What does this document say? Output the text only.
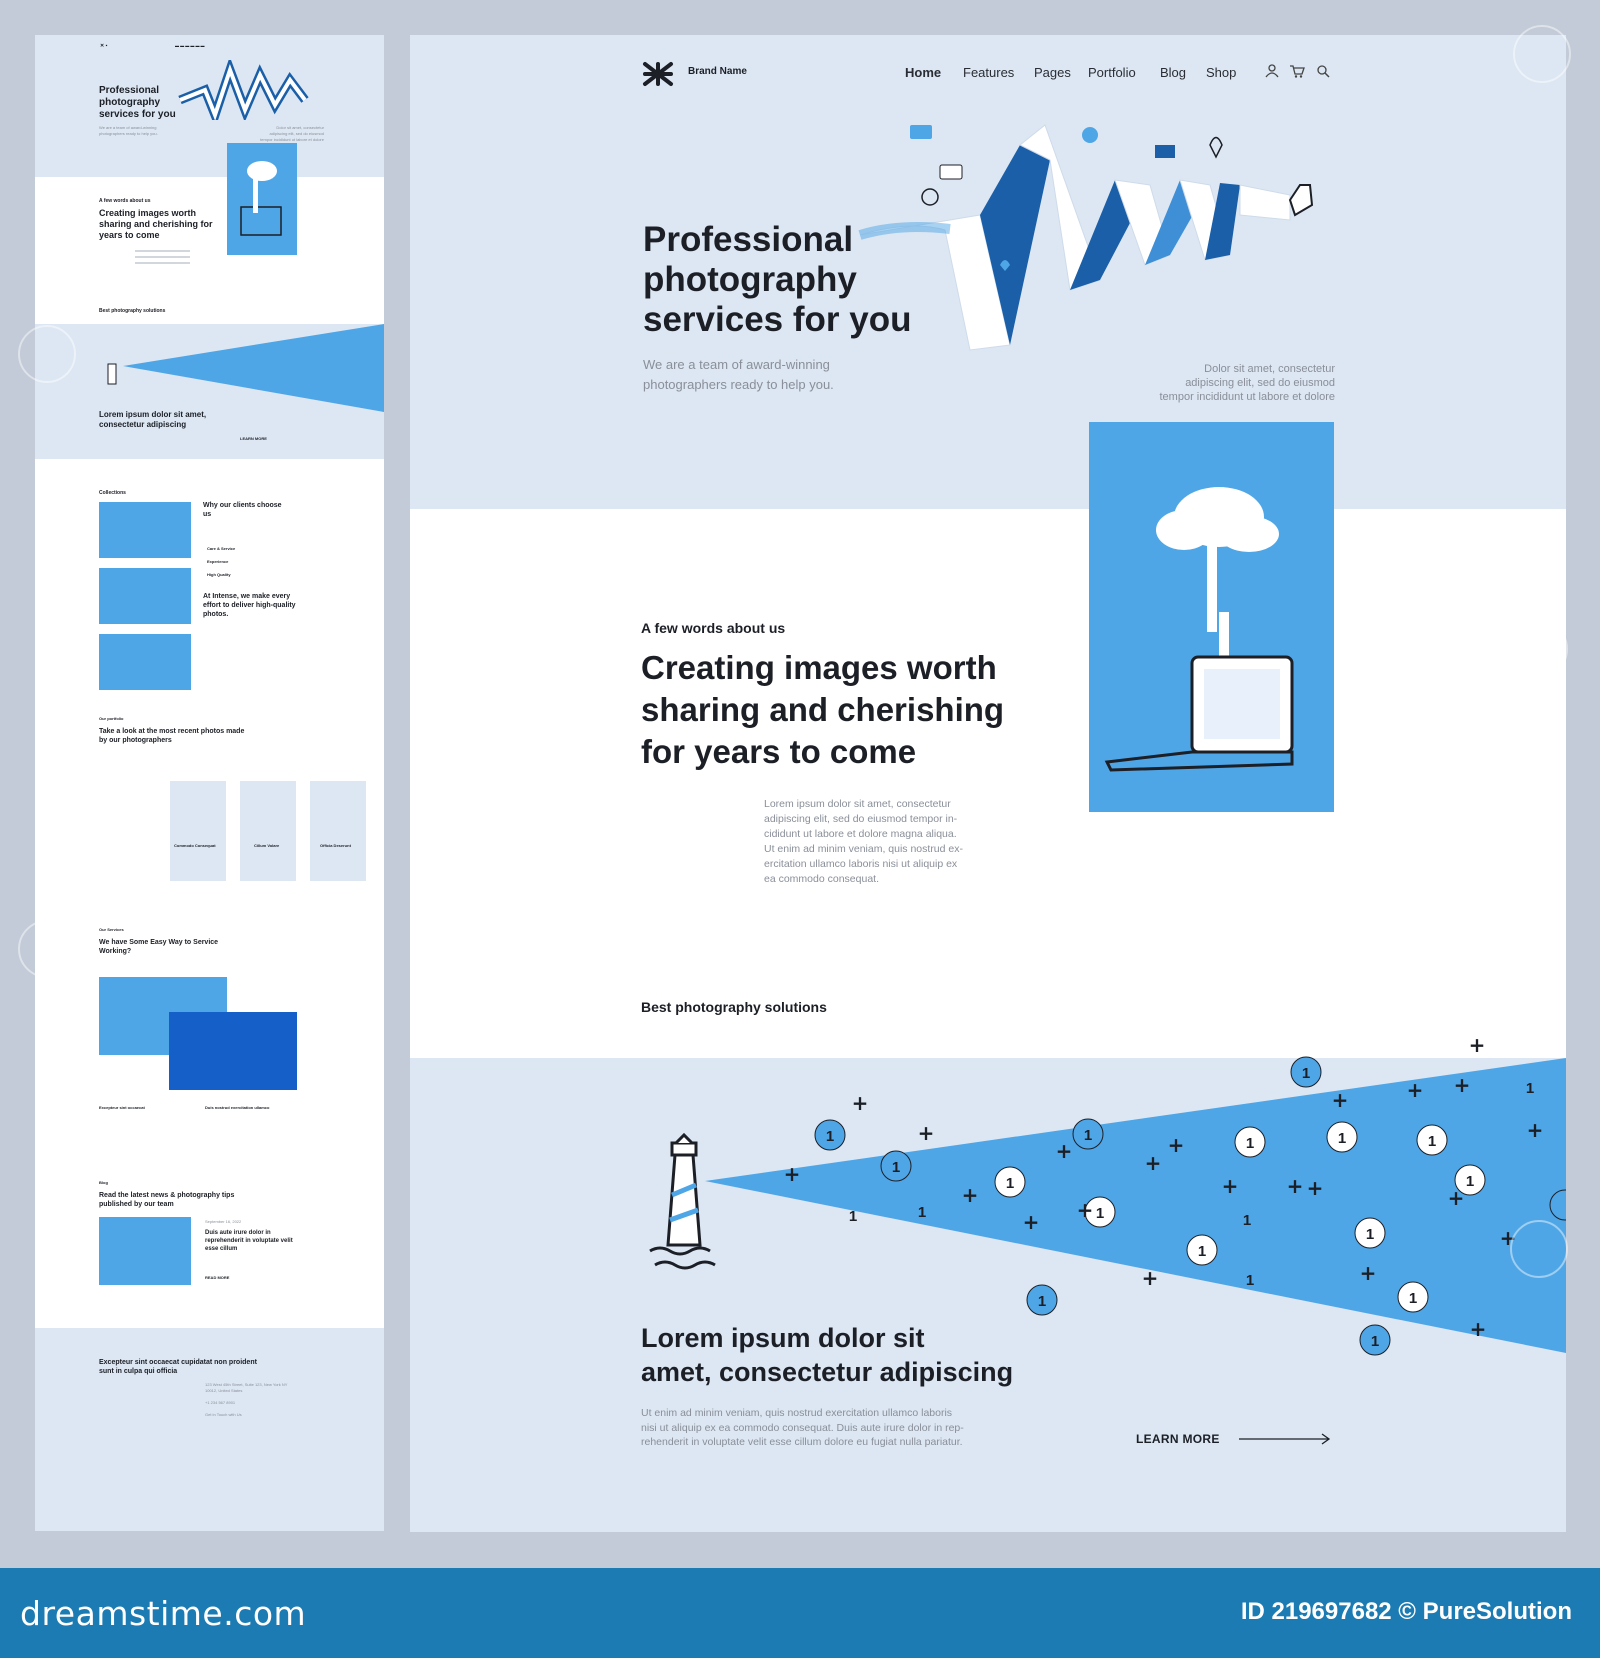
✕ ▪	▬ ▬ ▬ ▬ ▬ ▬
Professional photography services for you
We are a team of award-winning photographers ready to help you.
Dolor sit amet, consectetur adipiscing elit, sed do eiusmod tempor incididunt ut labore et dolore
A few words about us
Creating images worth sharing and cherishing for years to come
Best photography solutions
Lorem ipsum dolor sit amet, consectetur adipiscing
LEARN MORE
Collections
Why our clients choose us
Care & Service
Experience
High Quality
At Intense, we make every effort to deliver high-quality photos.
Our portfolio
Take a look at the most recent photos made by our photographers
Commodo Consequat	Cillum Volare	Officia Deserunt
Our Services
We have Some Easy Way to Service Working?
Excepteur sint occaecat	Duis nostrud exercitation ullamco
Blog
Read the latest news & photography tips published by our team
September 16, 2022
Duis aute irure dolor in reprehenderit in voluptate velit esse cillum
READ MORE
Excepteur sint occaecat cupidatat non proident sunt in culpa qui officia
123 West 45th Street, Suite 123, New York NY 10012, United States
+1 234 567 8901
Get in Touch with Us
Brand Name	Home Features Pages Portfolio Blog Shop
Professional
photography
services for you
We are a team of award-winning
photographers ready to help you.
Dolor sit amet, consectetur
adipiscing elit, sed do eiusmod
tempor incididunt ut labore et dolore
A few words about us
Creating images worth
sharing and cherishing
for years to come
Lorem ipsum dolor sit amet, consectetur
adipiscing elit, sed do eiusmod tempor in-
cididunt ut labore et dolore magna aliqua.
Ut enim ad minim veniam, quis nostrud ex-
ercitation ullamco laboris nisi ut aliquip ex
ea commodo consequat.
Best photography solutions
1
1	1	1
1
1
1
1
1
1
1
1
1
1
1
1
1
1	1	1
+
+
+
+
+	+
+	+ +
+
+
+
+
+
+
+	+
+
+
+
+
+
Lorem ipsum dolor sit
amet, consectetur adipiscing
Ut enim ad minim veniam, quis nostrud exercitation ullamco laboris
nisi ut aliquip ex ea commodo consequat. Duis aute irure dolor in rep-
rehenderit in voluptate velit esse cillum dolore eu fugiat nulla pariatur.	LEARN MORE
dreamstime.com	ID 219697682 © PureSolution
